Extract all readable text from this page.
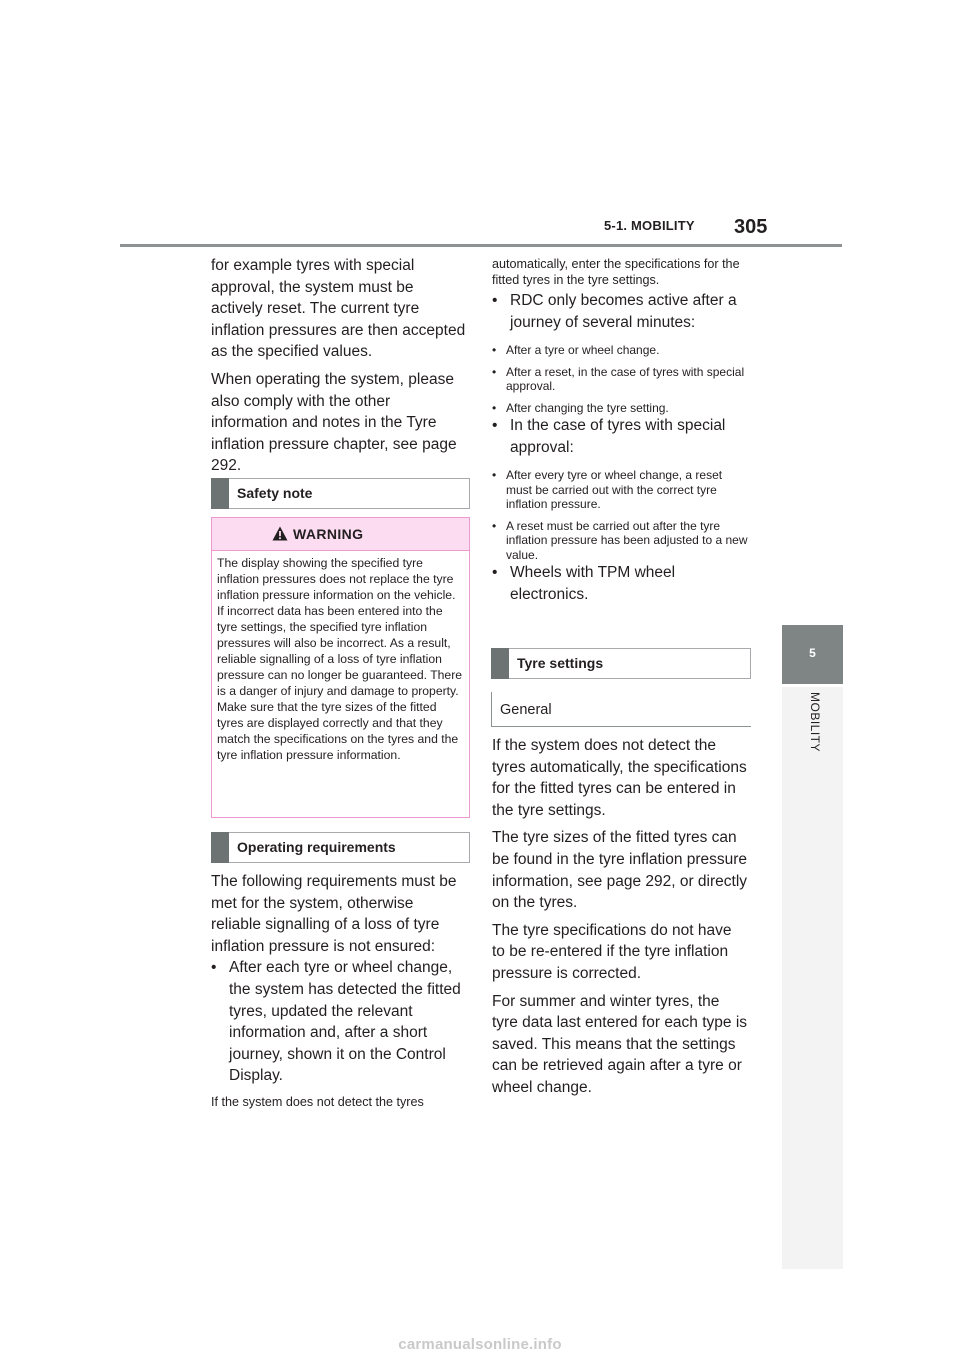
5-1. MOBILITY 305
5
MOBILITY

for example tyres with special approval, the system must be actively reset. The current tyre inflation pressures are then accepted as the specified values.

When operating the system, please also comply with the other information and notes in the Tyre inflation pressure chapter, see page 292.

Safety note
WARNING
The display showing the specified tyre inflation pressures does not replace the tyre inflation pressure information on the vehicle. If incorrect data has been entered into the tyre settings, the specified tyre inflation pressures will also be incorrect. As a result, reliable signalling of a loss of tyre inflation pressure can no longer be guaranteed. There is a danger of injury and damage to property. Make sure that the tyre sizes of the fitted tyres are displayed correctly and that they match the specifications on the tyres and the tyre inflation pressure information.
Operating requirements

The following requirements must be met for the system, otherwise reliable signalling of a loss of tyre inflation pressure is not ensured:

• After each tyre or wheel change, the system has detected the fitted tyres, updated the relevant information and, after a short journey, shown it on the Control Display.

If the system does not detect the tyres

automatically, enter the specifications for the fitted tyres in the tyre settings.

• RDC only becomes active after a journey of several minutes:
• After a tyre or wheel change.
• After a reset, in the case of tyres with special approval.
• After changing the tyre setting.
• In the case of tyres with special approval:
• After every tyre or wheel change, a reset must be carried out with the correct tyre inflation pressure.
• A reset must be carried out after the tyre inflation pressure has been adjusted to a new value.
• Wheels with TPM wheel electronics.
Tyre settings
General

If the system does not detect the tyres automatically, the specifications for the fitted tyres can be entered in the tyre settings.

The tyre sizes of the fitted tyres can be found in the tyre inflation pressure information, see page 292, or directly on the tyres.

The tyre specifications do not have to be re-entered if the tyre inflation pressure is corrected.

For summer and winter tyres, the tyre data last entered for each type is saved. This means that the settings can be retrieved again after a tyre or wheel change.

carmanualsonline.info
